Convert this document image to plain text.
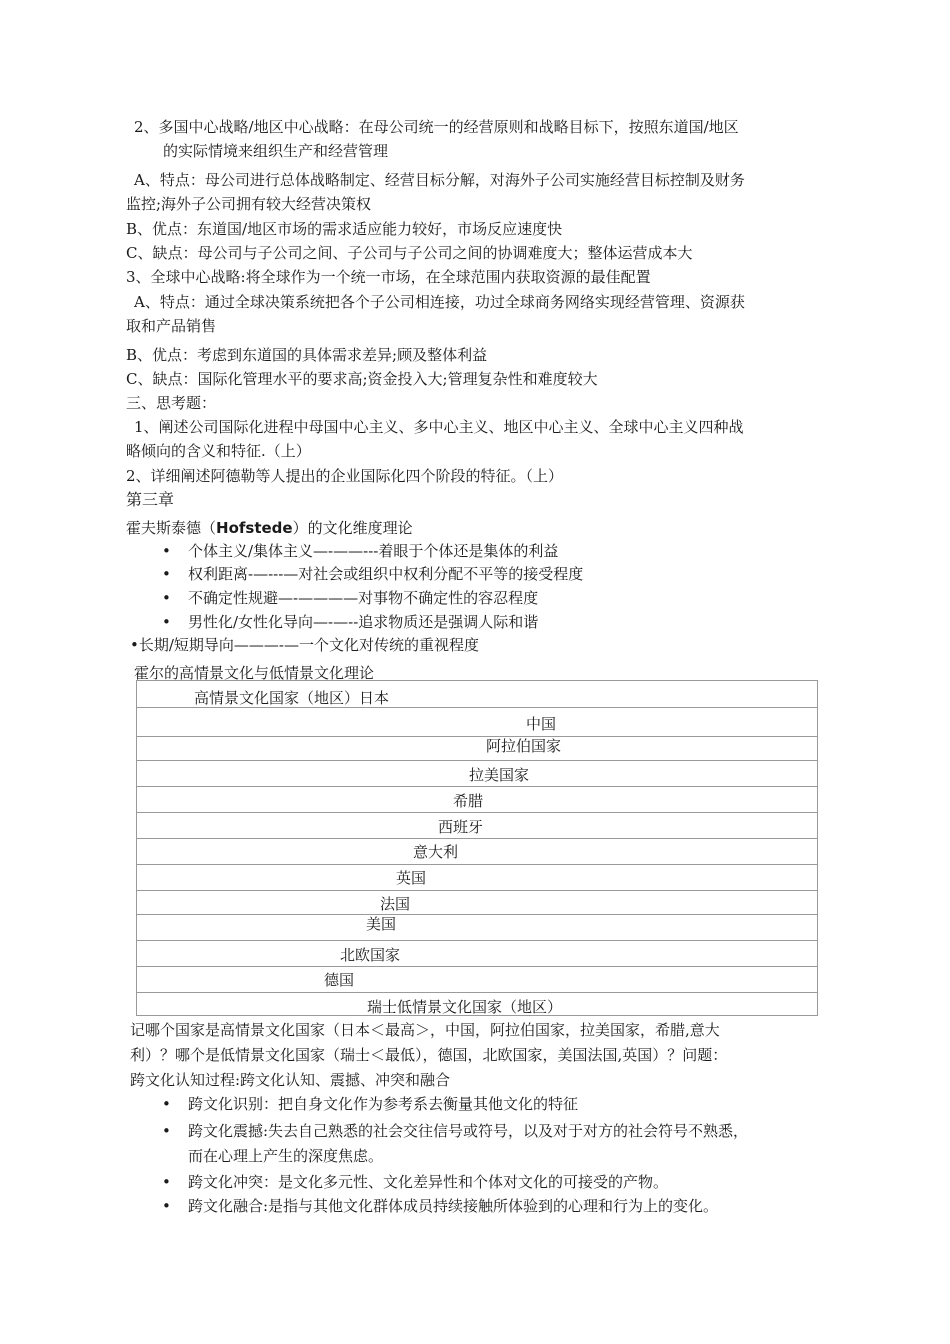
2、多国中心战略/地区中心战略：在母公司统一的经营原则和战略目标下，按照东道国/地区
的实际情境来组织生产和经营管理
A、特点：母公司进行总体战略制定、经营目标分解，对海外子公司实施经营目标控制及财务
监控;海外子公司拥有较大经营决策权
B、优点：东道国/地区市场的需求适应能力较好，市场反应速度快
C、缺点：母公司与子公司之间、子公司与子公司之间的协调难度大；整体运营成本大
3、全球中心战略:将全球作为一个统一市场，在全球范围内获取资源的最佳配置
A、特点：通过全球决策系统把各个子公司相连接，功过全球商务网络实现经营管理、资源获
取和产品销售
B、优点：考虑到东道国的具体需求差异;顾及整体利益
C、缺点：国际化管理水平的要求高;资金投入大;管理复杂性和难度较大
三、思考题：
1、阐述公司国际化进程中母国中心主义、多中心主义、地区中心主义、全球中心主义四种战
略倾向的含义和特征.（上）
2、详细阐述阿德勒等人提出的企业国际化四个阶段的特征。（上）
第三章
霍夫斯泰德（Hofstede）的文化维度理论
• 个体主义/集体主义—-——---着眼于个体还是集体的利益
• 权利距离-—---—对社会或组织中权利分配不平等的接受程度
• 不确定性规避—-————对事物不确定性的容忍程度
• 男性化/女性化导向—-—--追求物质还是强调人际和谐
•长期/短期导向———-—一个文化对传统的重视程度
霍尔的高情景文化与低情景文化理论
高情景文化国家（地区）日本
中国
阿拉伯国家
拉美国家
希腊
西班牙
意大利
英国
法国
美国
北欧国家
德国
瑞士低情景文化国家（地区）
记哪个国家是高情景文化国家（日本＜最高＞，中国，阿拉伯国家，拉美国家，希腊,意大
利）？哪个是低情景文化国家（瑞士＜最低），德国，北欧国家，美国法国,英国）？问题：
跨文化认知过程:跨文化认知、震撼、冲突和融合
• 跨文化识别：把自身文化作为参考系去衡量其他文化的特征
• 跨文化震撼:失去自己熟悉的社会交往信号或符号，以及对于对方的社会符号不熟悉，
而在心理上产生的深度焦虑。
• 跨文化冲突：是文化多元性、文化差异性和个体对文化的可接受的产物。
• 跨文化融合:是指与其他文化群体成员持续接触所体验到的心理和行为上的变化。
